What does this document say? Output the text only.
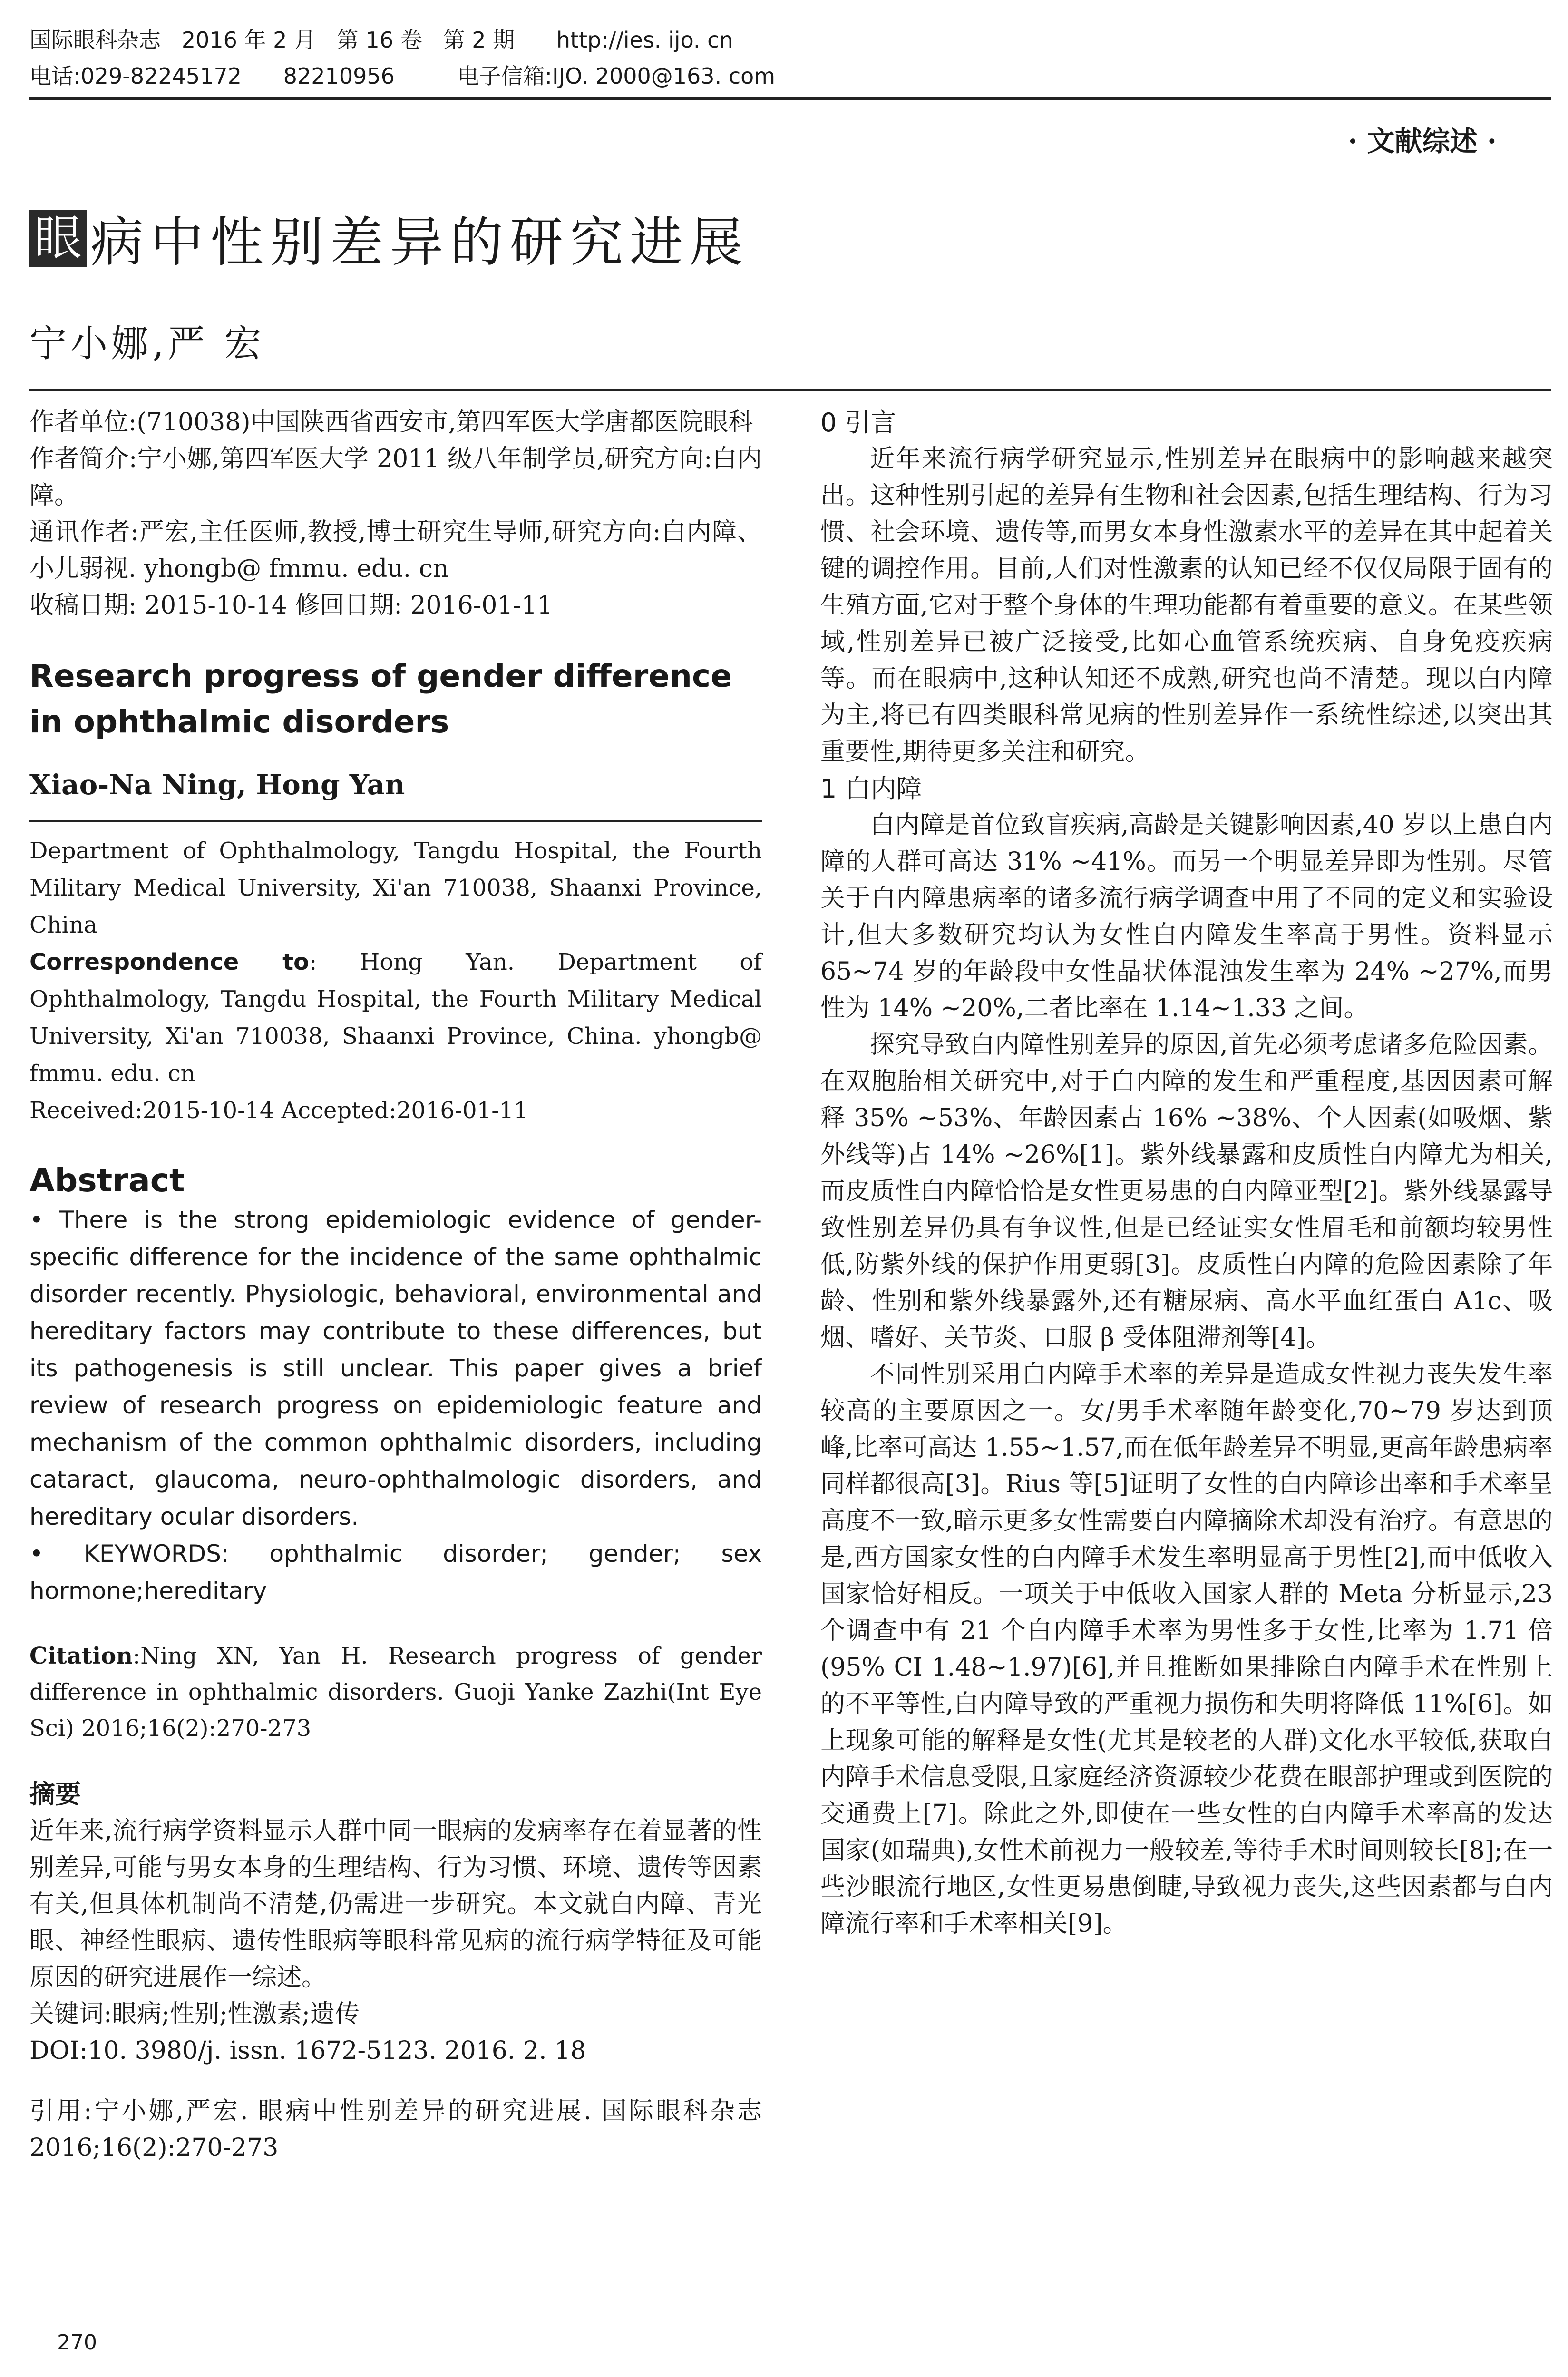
国际眼科杂志   2016 年 2 月   第 16 卷   第 2 期      http://ies. ijo. cn
电话:029-82245172      82210956         电子信箱:IJO. 2000@163. com
· 文献综述 ·
眼 病中性别差异的研究进展
宁小娜,严 宏
作者单位:(710038)中国陕西省西安市,第四军医大学唐都医院眼科
作者简介:宁小娜,第四军医大学 2011 级八年制学员,研究方向:白内障。
通讯作者:严宏,主任医师,教授,博士研究生导师,研究方向:白内障、小儿弱视. yhongb@ fmmu. edu. cn
收稿日期: 2015-10-14 修回日期: 2016-01-11
Research progress of gender difference in ophthalmic disorders
Xiao-Na Ning, Hong Yan
Department of Ophthalmology, Tangdu Hospital, the Fourth Military Medical University, Xi'an 710038, Shaanxi Province, China
Correspondence to: Hong Yan. Department of Ophthalmology, Tangdu Hospital, the Fourth Military Medical University, Xi'an 710038, Shaanxi Province, China. yhongb@ fmmu. edu. cn
Received:2015-10-14 Accepted:2016-01-11
Abstract
• There is the strong epidemiologic evidence of gender-specific difference for the incidence of the same ophthalmic disorder recently. Physiologic, behavioral, environmental and hereditary factors may contribute to these differences, but its pathogenesis is still unclear. This paper gives a brief review of research progress on epidemiologic feature and mechanism of the common ophthalmic disorders, including cataract, glaucoma, neuro-ophthalmologic disorders, and hereditary ocular disorders.
• KEYWORDS: ophthalmic disorder; gender; sex hormone;hereditary
Citation:Ning XN, Yan H. Research progress of gender difference in ophthalmic disorders. Guoji Yanke Zazhi(Int Eye Sci) 2016;16(2):270-273
摘要
近年来,流行病学资料显示人群中同一眼病的发病率存在着显著的性别差异,可能与男女本身的生理结构、行为习惯、环境、遗传等因素有关,但具体机制尚不清楚,仍需进一步研究。本文就白内障、青光眼、神经性眼病、遗传性眼病等眼科常见病的流行病学特征及可能原因的研究进展作一综述。
关键词:眼病;性别;性激素;遗传
DOI:10. 3980/j. issn. 1672-5123. 2016. 2. 18
引用:宁小娜,严宏. 眼病中性别差异的研究进展. 国际眼科杂志 2016;16(2):270-273
0 引言
近年来流行病学研究显示,性别差异在眼病中的影响越来越突出。这种性别引起的差异有生物和社会因素,包括生理结构、行为习惯、社会环境、遗传等,而男女本身性激素水平的差异在其中起着关键的调控作用。目前,人们对性激素的认知已经不仅仅局限于固有的生殖方面,它对于整个身体的生理功能都有着重要的意义。在某些领域,性别差异已被广泛接受,比如心血管系统疾病、自身免疫疾病等。而在眼病中,这种认知还不成熟,研究也尚不清楚。现以白内障为主,将已有四类眼科常见病的性别差异作一系统性综述,以突出其重要性,期待更多关注和研究。
1 白内障
白内障是首位致盲疾病,高龄是关键影响因素,40 岁以上患白内障的人群可高达 31% ~41%。而另一个明显差异即为性别。尽管关于白内障患病率的诸多流行病学调查中用了不同的定义和实验设计,但大多数研究均认为女性白内障发生率高于男性。资料显示 65~74 岁的年龄段中女性晶状体混浊发生率为 24% ~27%,而男性为 14% ~20%,二者比率在 1.14~1.33 之间。
探究导致白内障性别差异的原因,首先必须考虑诸多危险因素。在双胞胎相关研究中,对于白内障的发生和严重程度,基因因素可解释 35% ~53%、年龄因素占 16% ~38%、个人因素(如吸烟、紫外线等)占 14% ~26%[1]。紫外线暴露和皮质性白内障尤为相关,而皮质性白内障恰恰是女性更易患的白内障亚型[2]。紫外线暴露导致性别差异仍具有争议性,但是已经证实女性眉毛和前额均较男性低,防紫外线的保护作用更弱[3]。皮质性白内障的危险因素除了年龄、性别和紫外线暴露外,还有糖尿病、高水平血红蛋白 A1c、吸烟、嗜好、关节炎、口服 β 受体阻滞剂等[4]。
不同性别采用白内障手术率的差异是造成女性视力丧失发生率较高的主要原因之一。女/男手术率随年龄变化,70~79 岁达到顶峰,比率可高达 1.55~1.57,而在低年龄差异不明显,更高年龄患病率同样都很高[3]。Rius 等[5]证明了女性的白内障诊出率和手术率呈高度不一致,暗示更多女性需要白内障摘除术却没有治疗。有意思的是,西方国家女性的白内障手术发生率明显高于男性[2],而中低收入国家恰好相反。一项关于中低收入国家人群的 Meta 分析显示,23 个调查中有 21 个白内障手术率为男性多于女性,比率为 1.71 倍(95% CI 1.48~1.97)[6],并且推断如果排除白内障手术在性别上的不平等性,白内障导致的严重视力损伤和失明将降低 11%[6]。如上现象可能的解释是女性(尤其是较老的人群)文化水平较低,获取白内障手术信息受限,且家庭经济资源较少花费在眼部护理或到医院的交通费上[7]。除此之外,即使在一些女性的白内障手术率高的发达国家(如瑞典),女性术前视力一般较差,等待手术时间则较长[8];在一些沙眼流行地区,女性更易患倒睫,导致视力丧失,这些因素都与白内障流行率和手术率相关[9]。
270
